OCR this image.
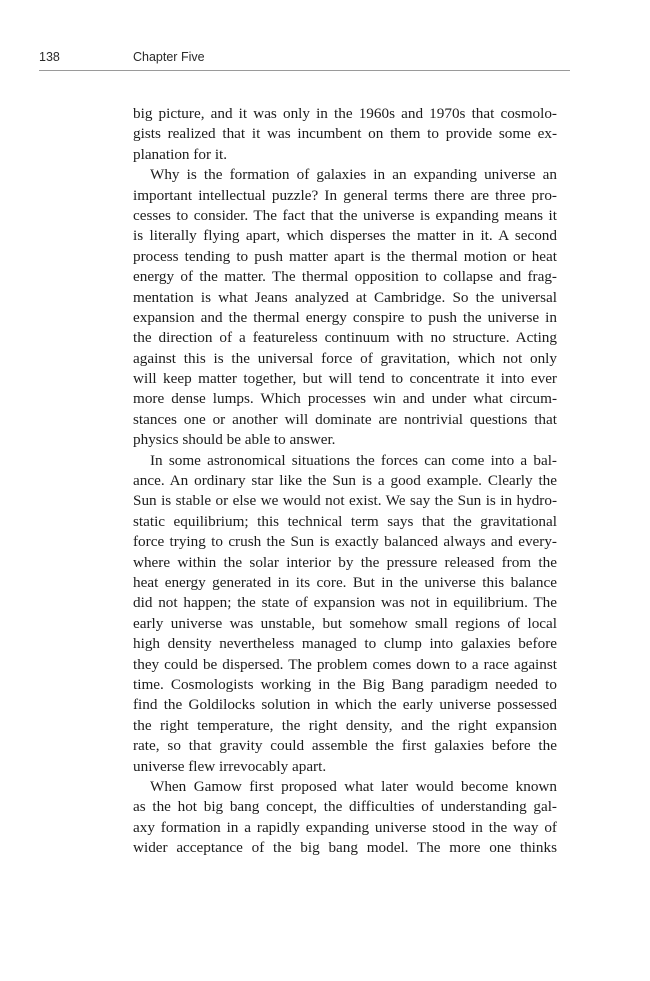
138	Chapter Five
big picture, and it was only in the 1960s and 1970s that cosmolo-
gists realized that it was incumbent on them to provide some ex-
planation for it.
Why is the formation of galaxies in an expanding universe an
important intellectual puzzle? In general terms there are three pro-
cesses to consider. The fact that the universe is expanding means it
is literally flying apart, which disperses the matter in it. A second
process tending to push matter apart is the thermal motion or heat
energy of the matter. The thermal opposition to collapse and frag-
mentation is what Jeans analyzed at Cambridge. So the universal
expansion and the thermal energy conspire to push the universe in
the direction of a featureless continuum with no structure. Acting
against this is the universal force of gravitation, which not only
will keep matter together, but will tend to concentrate it into ever
more dense lumps. Which processes win and under what circum-
stances one or another will dominate are nontrivial questions that
physics should be able to answer.
In some astronomical situations the forces can come into a bal-
ance. An ordinary star like the Sun is a good example. Clearly the
Sun is stable or else we would not exist. We say the Sun is in hydro-
static equilibrium; this technical term says that the gravitational
force trying to crush the Sun is exactly balanced always and every-
where within the solar interior by the pressure released from the
heat energy generated in its core. But in the universe this balance
did not happen; the state of expansion was not in equilibrium. The
early universe was unstable, but somehow small regions of local
high density nevertheless managed to clump into galaxies before
they could be dispersed. The problem comes down to a race against
time. Cosmologists working in the Big Bang paradigm needed to
find the Goldilocks solution in which the early universe possessed
the right temperature, the right density, and the right expansion
rate, so that gravity could assemble the first galaxies before the
universe flew irrevocably apart.
When Gamow first proposed what later would become known
as the hot big bang concept, the difficulties of understanding gal-
axy formation in a rapidly expanding universe stood in the way of
wider acceptance of the big bang model. The more one thinks
